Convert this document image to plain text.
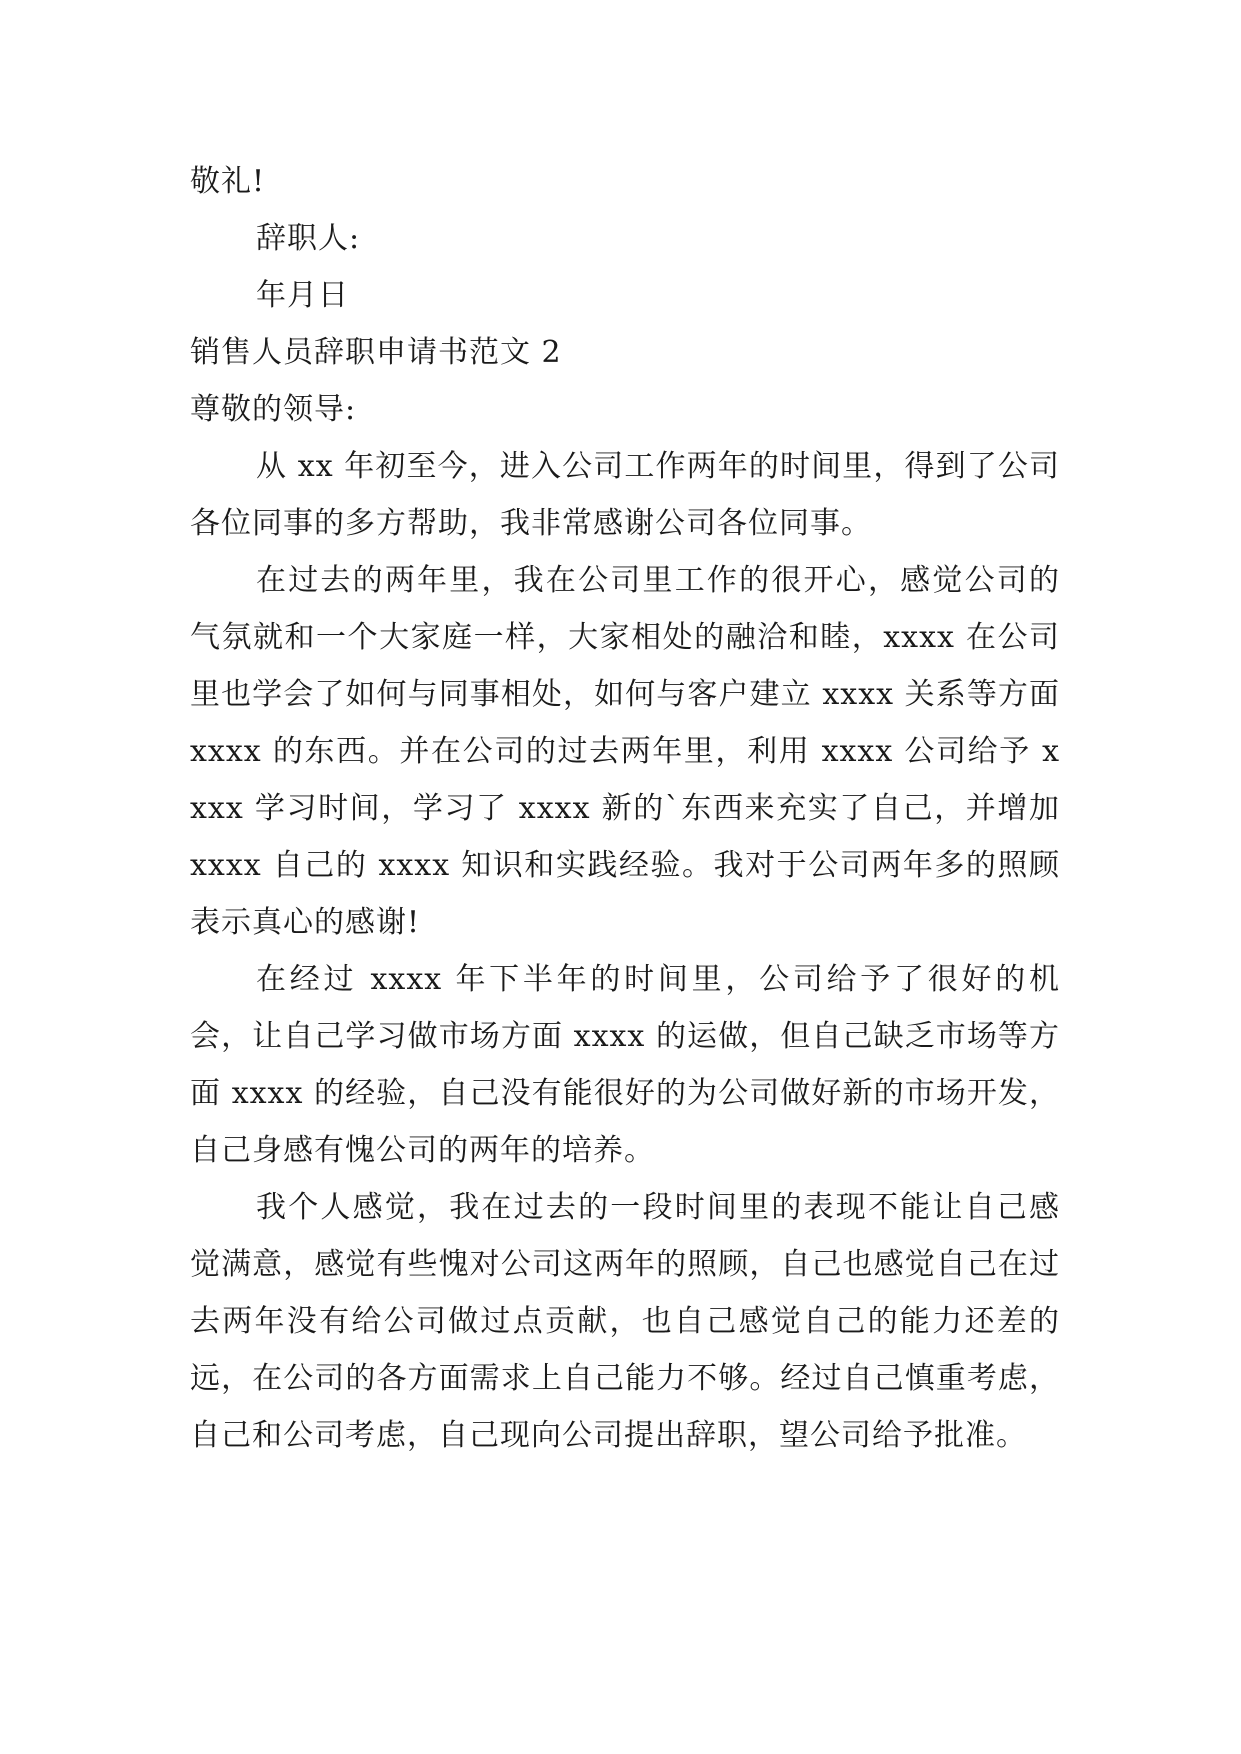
敬礼!

辞职人:

年月日

销售人员辞职申请书范文 2

尊敬的领导:

从 xx 年初至今，进入公司工作两年的时间里，得到了公司各位同事的多方帮助，我非常感谢公司各位同事。

在过去的两年里，我在公司里工作的很开心，感觉公司的气氛就和一个大家庭一样，大家相处的融洽和睦，xxxx 在公司里也学会了如何与同事相处，如何与客户建立 xxxx 关系等方面 xxxx 的东西。并在公司的过去两年里，利用 xxxx 公司给予 xxxx 学习时间，学习了 xxxx 新的`东西来充实了自己，并增加 xxxx 自己的 xxxx 知识和实践经验。我对于公司两年多的照顾表示真心的感谢!

在经过 xxxx 年下半年的时间里，公司给予了很好的机会，让自己学习做市场方面 xxxx 的运做，但自己缺乏市场等方面 xxxx 的经验，自己没有能很好的为公司做好新的市场开发，自己身感有愧公司的两年的培养。

我个人感觉，我在过去的一段时间里的表现不能让自己感觉满意，感觉有些愧对公司这两年的照顾，自己也感觉自己在过去两年没有给公司做过点贡献，也自己感觉自己的能力还差的远，在公司的各方面需求上自己能力不够。经过自己慎重考虑，自己和公司考虑，自己现向公司提出辞职，望公司给予批准。
